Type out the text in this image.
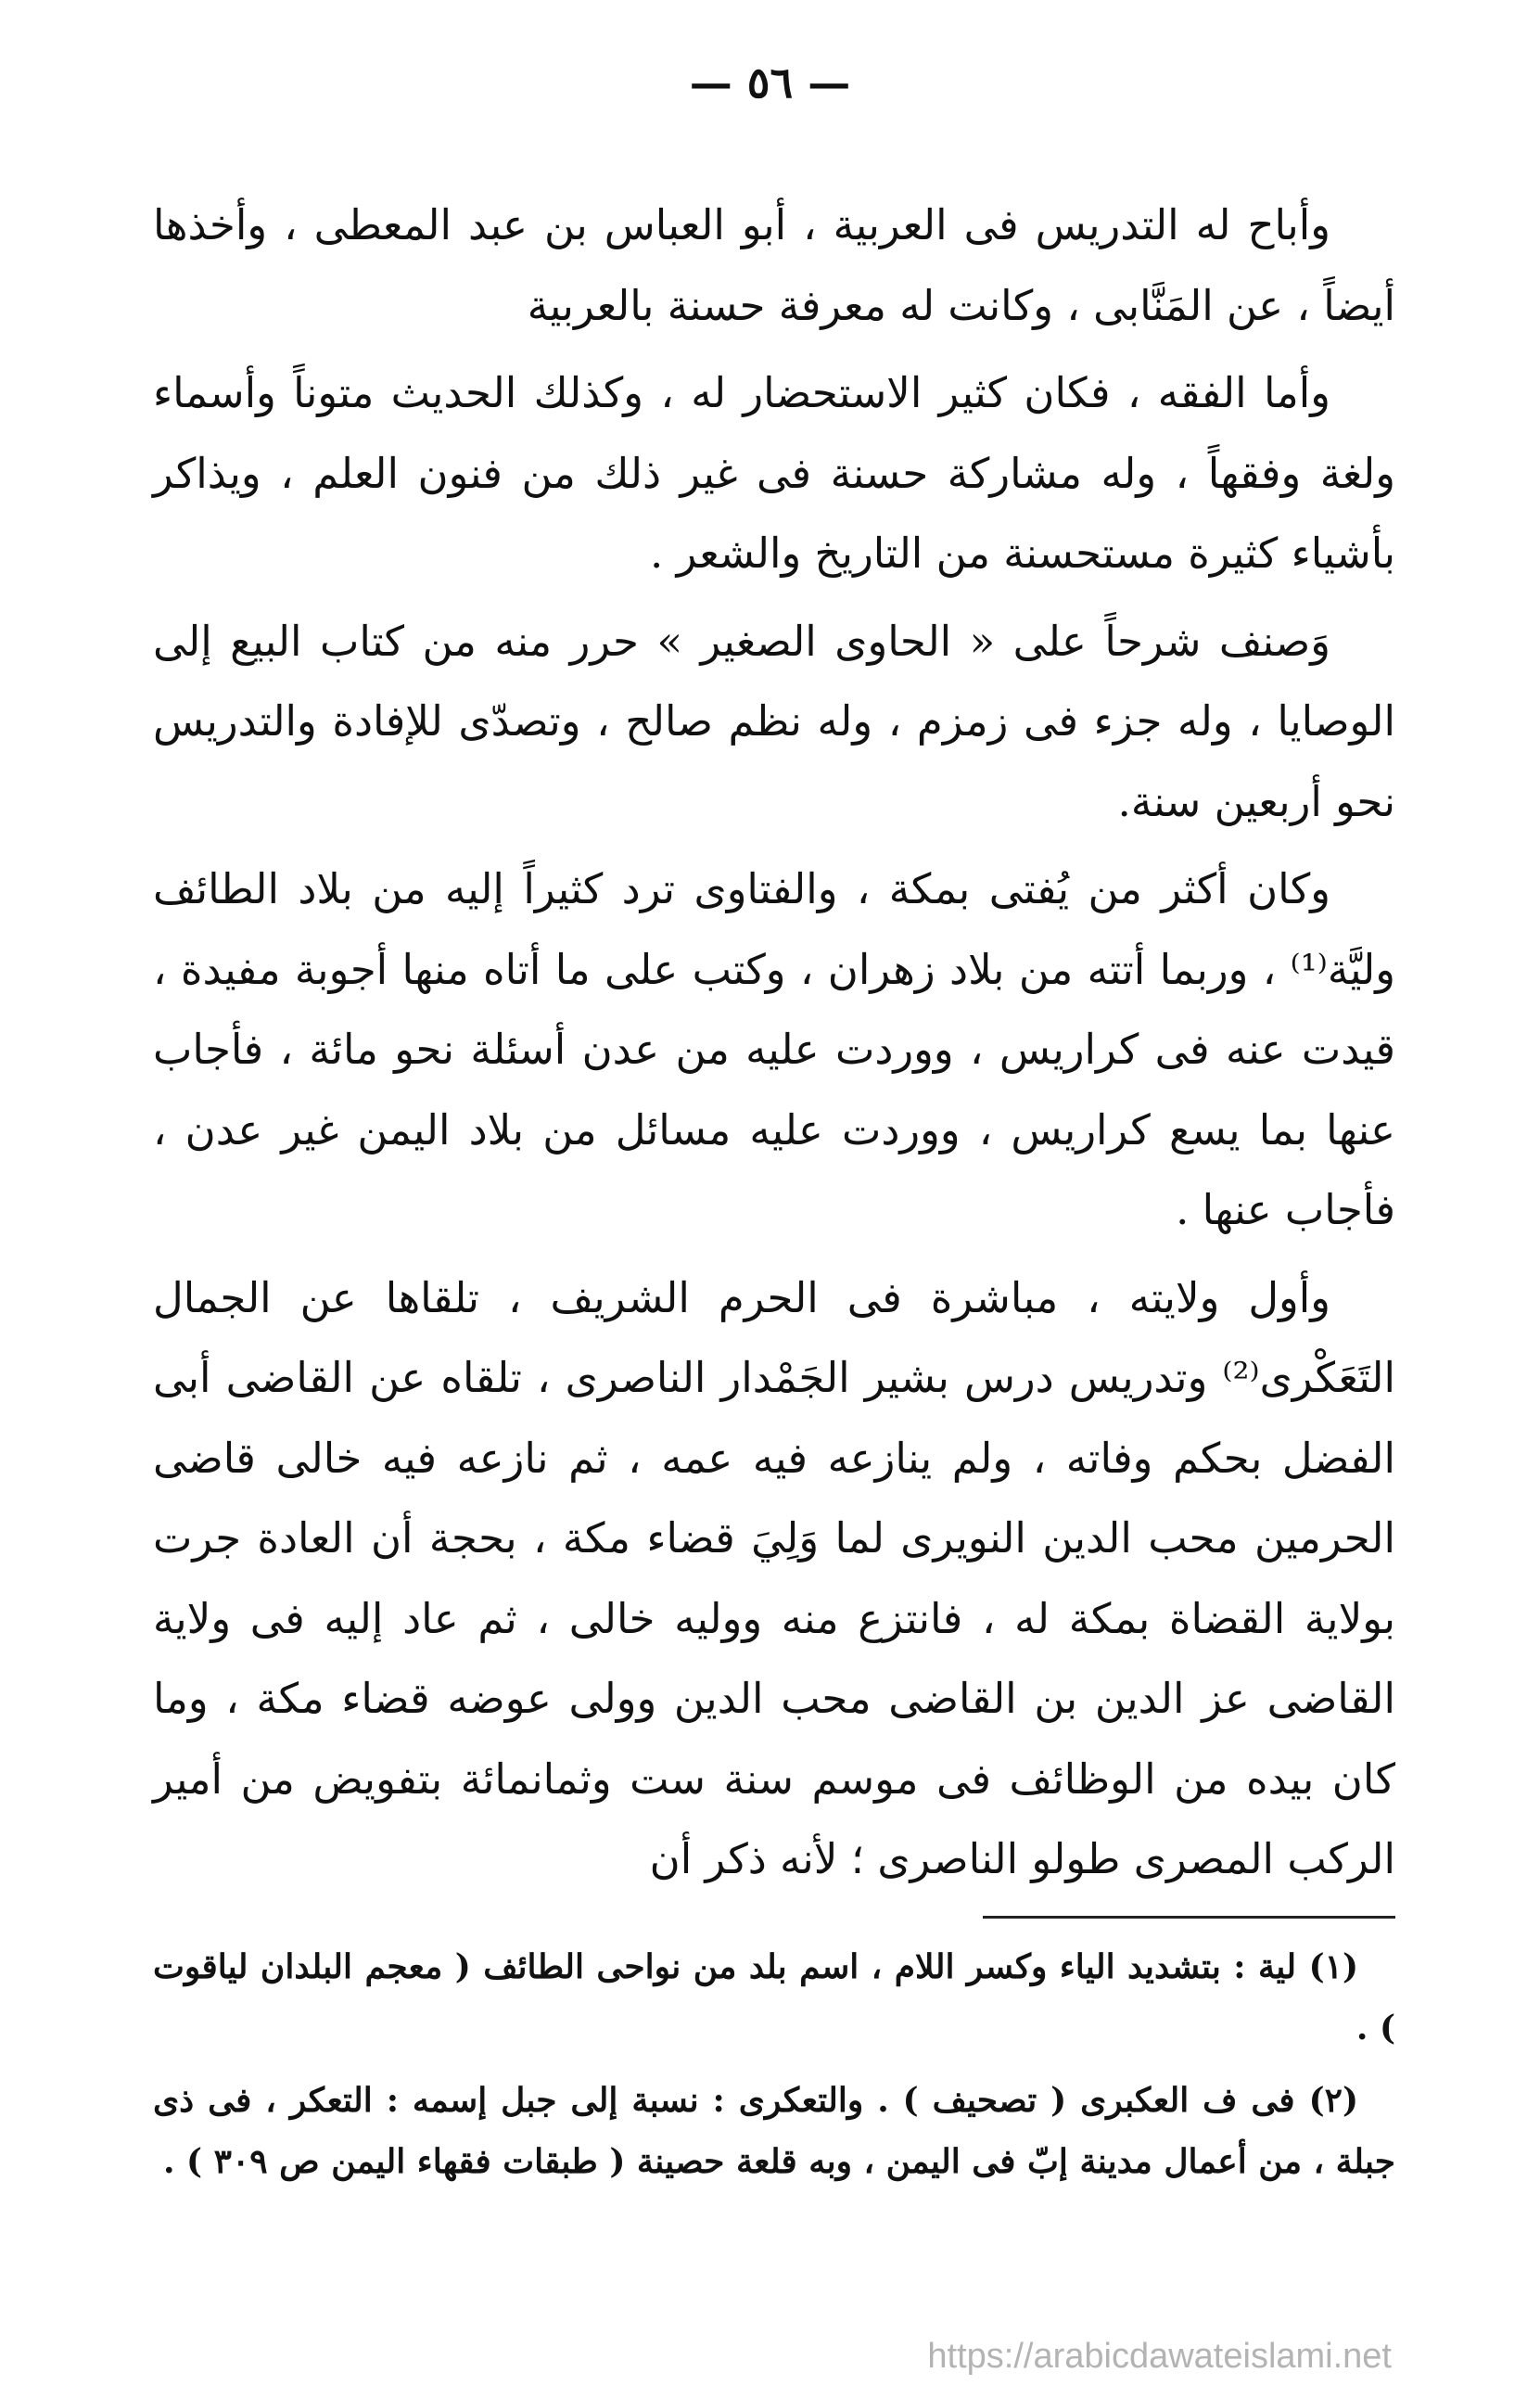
— ٥٦ —

وأباح له التدريس فى العربية ، أبو العباس بن عبد المعطى ، وأخذها أيضاً ، عن المَنَّابى ، وكانت له معرفة حسنة بالعربية

وأما الفقه ، فكان كثير الاستحضار له ، وكذلك الحديث متوناً وأسماء ولغة وفقهاً ، وله مشاركة حسنة فى غير ذلك من فنون العلم ، ويذاكر بأشياء كثيرة مستحسنة من التاريخ والشعر .

وَصنف شرحاً على « الحاوى الصغير » حرر منه من كتاب البيع إلى الوصايا ، وله جزء فى زمزم ، وله نظم صالح ، وتصدّى للإفادة والتدريس نحو أربعين سنة.

وكان أكثر من يُفتى بمكة ، والفتاوى ترد كثيراً إليه من بلاد الطائف وليَّة⁽¹⁾ ، وربما أتته من بلاد زهران ، وكتب على ما أتاه منها أجوبة مفيدة ، قيدت عنه فى كراريس ، ووردت عليه من عدن أسئلة نحو مائة ، فأجاب عنها بما يسع كراريس ، ووردت عليه مسائل من بلاد اليمن غير عدن ، فأجاب عنها .

وأول ولايته ، مباشرة فى الحرم الشريف ، تلقاها عن الجمال التَعَكْرى⁽²⁾ وتدريس درس بشير الجَمْدار الناصرى ، تلقاه عن القاضى أبى الفضل بحكم وفاته ، ولم ينازعه فيه عمه ، ثم نازعه فيه خالى قاضى الحرمين محب الدين النويرى لما وَلِيَ قضاء مكة ، بحجة أن العادة جرت بولاية القضاة بمكة له ، فانتزع منه ووليه خالى ، ثم عاد إليه فى ولاية القاضى عز الدين بن القاضى محب الدين وولى عوضه قضاء مكة ، وما كان بيده من الوظائف فى موسم سنة ست وثمانمائة بتفويض من أمير الركب المصرى طولو الناصرى ؛ لأنه ذكر أن

(١) لية : بتشديد الياء وكسر اللام ، اسم بلد من نواحى الطائف ( معجم البلدان لياقوت ) .

(٢) فى ف العكبرى ( تصحيف ) . والتعكرى : نسبة إلى جبل إسمه : التعكر ، فى ذى جبلة ، من أعمال مدينة إبّ فى اليمن ، وبه قلعة حصينة ( طبقات فقهاء اليمن ص ٣٠٩ ) .

https://arabicdawateislami.net
